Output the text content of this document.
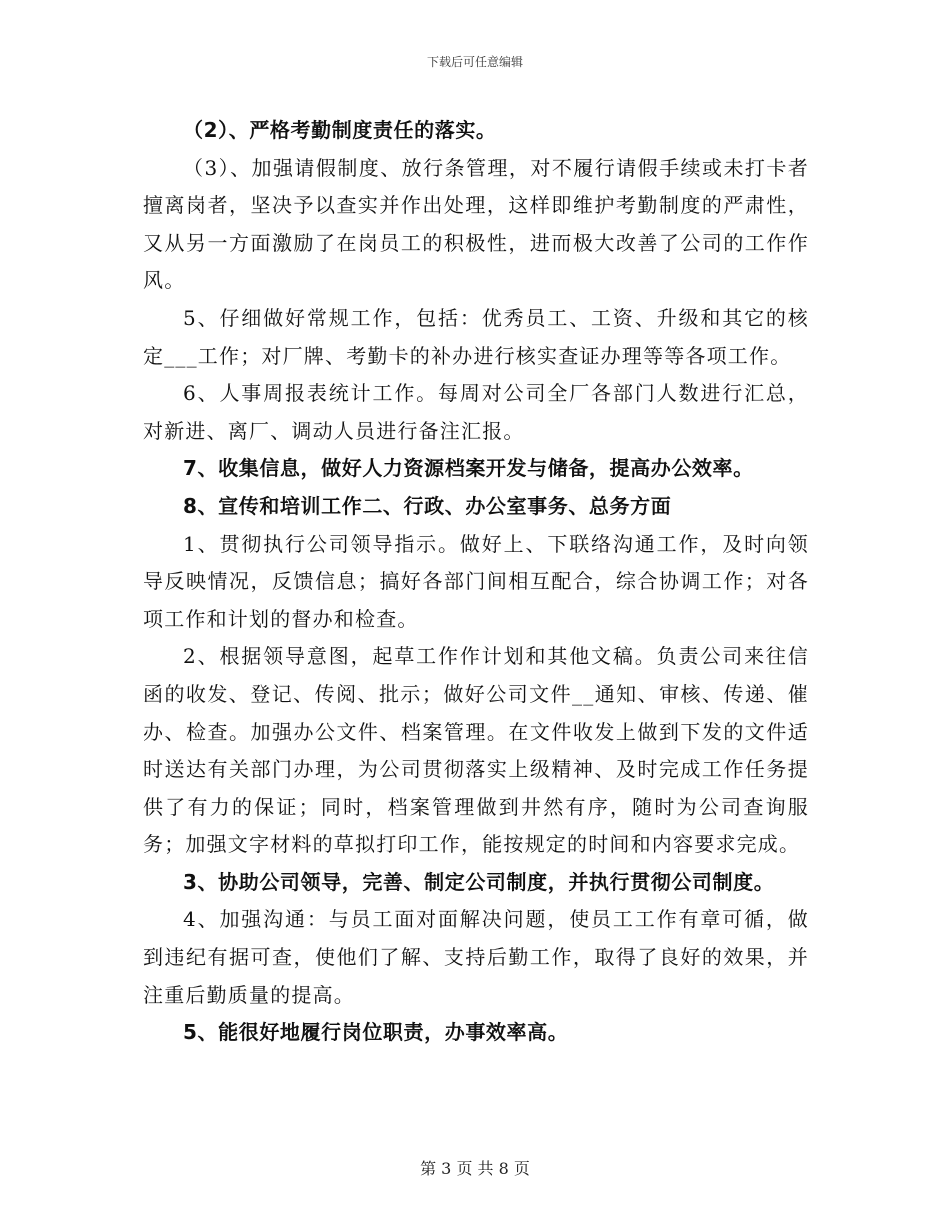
下载后可任意编辑

（2）、严格考勤制度责任的落实。

（3）、加强请假制度、放行条管理，对不履行请假手续或未打卡者擅离岗者，坚决予以查实并作出处理，这样即维护考勤制度的严肃性，又从另一方面激励了在岗员工的积极性，进而极大改善了公司的工作作风。

5、仔细做好常规工作，包括：优秀员工、工资、升级和其它的核定___工作；对厂牌、考勤卡的补办进行核实查证办理等等各项工作。

6、人事周报表统计工作。每周对公司全厂各部门人数进行汇总，对新进、离厂、调动人员进行备注汇报。

7、收集信息，做好人力资源档案开发与储备，提高办公效率。

8、宣传和培训工作二、行政、办公室事务、总务方面

1、贯彻执行公司领导指示。做好上、下联络沟通工作，及时向领导反映情况，反馈信息；搞好各部门间相互配合，综合协调工作；对各项工作和计划的督办和检查。

2、根据领导意图，起草工作作计划和其他文稿。负责公司来往信函的收发、登记、传阅、批示；做好公司文件__通知、审核、传递、催办、检查。加强办公文件、档案管理。在文件收发上做到下发的文件适时送达有关部门办理，为公司贯彻落实上级精神、及时完成工作任务提供了有力的保证；同时，档案管理做到井然有序，随时为公司查询服务；加强文字材料的草拟打印工作，能按规定的时间和内容要求完成。

3、协助公司领导，完善、制定公司制度，并执行贯彻公司制度。

4、加强沟通：与员工面对面解决问题，使员工工作有章可循，做到违纪有据可查，使他们了解、支持后勤工作，取得了良好的效果，并注重后勤质量的提高。

5、能很好地履行岗位职责，办事效率高。

第 3 页 共 8 页
